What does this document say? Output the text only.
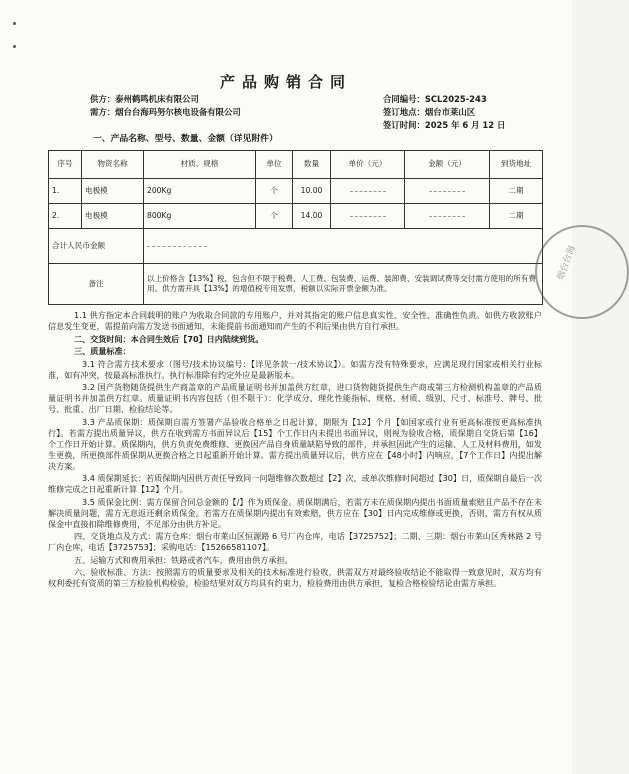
产品购销合同
供方：泰州鹤鸣机床有限公司
需方：烟台台海玛努尔核电设备有限公司
合同编号：SCL2025-243
签订地点：烟台市莱山区
签订时间：2025 年 6 月 12 日
一、产品名称、型号、数量、金额（详见附件）
序号	物资名称	材质、规格	单位	数量	单价（元）	金额（元）	到货地址
1.	电极模	200Kg	个	10.00			二期
2.	电极模	800Kg	个	14.00			二期
合计人民币金额							
备注		以上价格含【13%】税，包含但不限于税费、人工费、包装费、运费、装卸费、安装调试费等交付需方使用的所有费用。供方需开具【13%】的增值税专用发票，税额以实际开票金额为准。					
烟台台海

1.1 供方指定本合同载明的账户为收取合同款的专用账户，并对其指定的账户信息真实性、安全性、准确性负责。如供方收款账户信息发生变更，需提前向需方发送书面通知，未能提前书面通知而产生的不利后果由供方自行承担。

二、交货时间：本合同生效后【70】日内陆续到货。

三、质量标准：

3.1 符合需方技术要求（图号/技术协议编号：【详见条款一/技术协议】）。如需方没有特殊要求，应满足现行国家或相关行业标准，如有冲突，按最高标准执行。执行标准除有约定外应是最新版本。

3.2 国产货物随货提供生产商盖章的产品质量证明书并加盖供方红章，进口货物随货提供生产商或第三方检测机构盖章的产品质量证明书并加盖供方红章。质量证明书内容包括（但不限于）：化学成分、理化性能指标、规格、材质、级别、尺寸、标准号、牌号、批号、批重、出厂日期、检验结论等。

3.3 产品质保期：质保期自需方签署产品验收合格单之日起计算，期限为【12】个月【如国家或行业有更高标准按更高标准执行】。若需方提出质量异议，供方在收到需方书面异议后【15】个工作日内未提出书面异议，则视为验收合格，质保期自交货后第【16】个工作日开始计算。质保期内，供方负责免费维修、更换因产品自身质量缺陷导致的部件，并承担因此产生的运输、人工及材料费用，如发生更换，所更换部件质保期从更换合格之日起重新开始计算。需方提出质量异议后，供方应在【48小时】内响应，【7个工作日】内提出解决方案。

3.4 质保期延长：若质保期内因供方责任导致同一问题维修次数超过【2】次，或单次维修时间超过【30】日，质保期自最后一次维修完成之日起重新计算【12】个月。

3.5 质保金比例：需方保留合同总金额的【/】作为质保金。质保期满后，若需方未在质保期内提出书面质量索赔且产品不存在未解决质量问题，需方无息返还剩余质保金。若需方在质保期内提出有效索赔，供方应在【30】日内完成维修或更换，否则，需方有权从质保金中直接扣除维修费用，不足部分由供方补足。

四、交货地点及方式：需方仓库：烟台市莱山区恒源路 6 号厂内仓库，电话【3725752】；二期、三期：烟台市莱山区秀林路 2 号厂内仓库，电话【3725753】；采购电话：【15266581107】。

五、运输方式和费用承担：铁路或者汽车，费用由供方承担。

六、验收标准、方法：按照需方的质量要求及相关的技术标准进行验收，供需双方对最终验收结论不能取得一致意见时，双方均有权利委托有资质的第三方检验机构检验，检验结果对双方均具有约束力，检验费用由供方承担，复检合格检验结论由需方承担。
